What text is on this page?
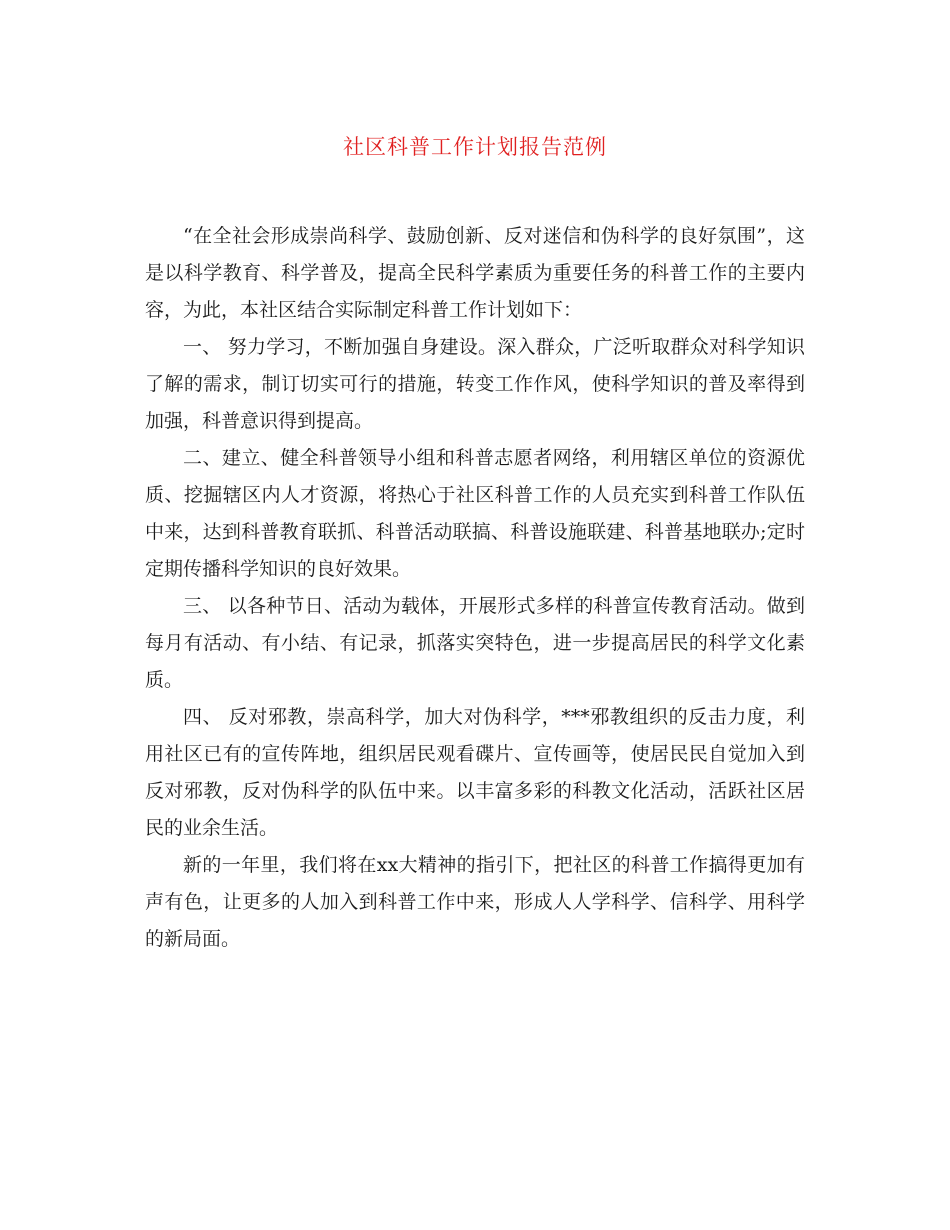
社区科普工作计划报告范例

“在全社会形成崇尚科学、鼓励创新、反对迷信和伪科学的良好氛围”，这是以科学教育、科学普及，提高全民科学素质为重要任务的科普工作的主要内容，为此，本社区结合实际制定科普工作计划如下：

一、 努力学习，不断加强自身建设。深入群众，广泛听取群众对科学知识了解的需求，制订切实可行的措施，转变工作作风，使科学知识的普及率得到加强，科普意识得到提高。

二、建立、健全科普领导小组和科普志愿者网络，利用辖区单位的资源优质、挖掘辖区内人才资源，将热心于社区科普工作的人员充实到科普工作队伍中来，达到科普教育联抓、科普活动联搞、科普设施联建、科普基地联办;定时定期传播科学知识的良好效果。

三、 以各种节日、活动为载体，开展形式多样的科普宣传教育活动。做到每月有活动、有小结、有记录，抓落实突特色，进一步提高居民的科学文化素质。

四、 反对邪教，崇高科学，加大对伪科学，***邪教组织的反击力度，利用社区已有的宣传阵地，组织居民观看碟片、宣传画等，使居民民自觉加入到反对邪教，反对伪科学的队伍中来。以丰富多彩的科教文化活动，活跃社区居民的业余生活。

新的一年里，我们将在xx大精神的指引下，把社区的科普工作搞得更加有声有色，让更多的人加入到科普工作中来，形成人人学科学、信科学、用科学的新局面。
